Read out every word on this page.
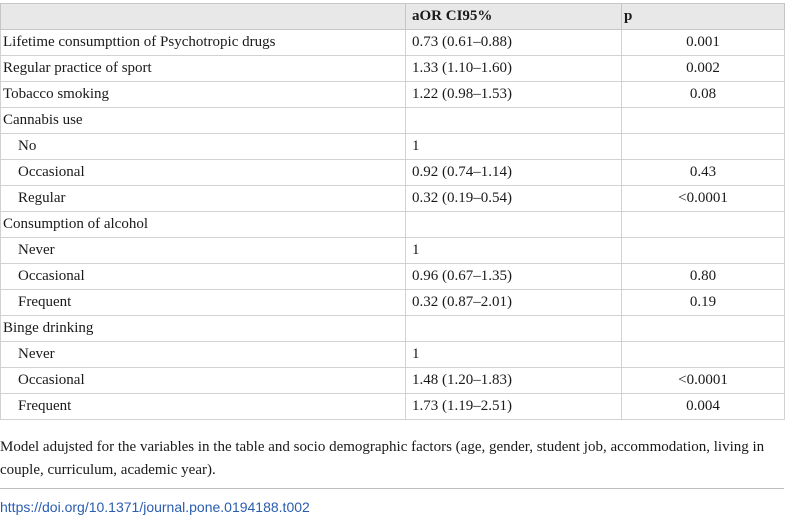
	aOR CI95%	p
Lifetime consumpttion of Psychotropic drugs	0.73 (0.61–0.88)	0.001
Regular practice of sport	1.33 (1.10–1.60)	0.002
Tobacco smoking	1.22 (0.98–1.53)	0.08
Cannabis use		
No	1	
Occasional	0.92 (0.74–1.14)	0.43
Regular	0.32 (0.19–0.54)	<0.0001
Consumption of alcohol		
Never	1	
Occasional	0.96 (0.67–1.35)	0.80
Frequent	0.32 (0.87–2.01)	0.19
Binge drinking		
Never	1	
Occasional	1.48 (1.20–1.83)	<0.0001
Frequent	1.73 (1.19–2.51)	0.004
Model adujsted for the variables in the table and socio demographic factors (age, gender, student job, accommodation, living in couple, curriculum, academic year).
https://doi.org/10.1371/journal.pone.0194188.t002
